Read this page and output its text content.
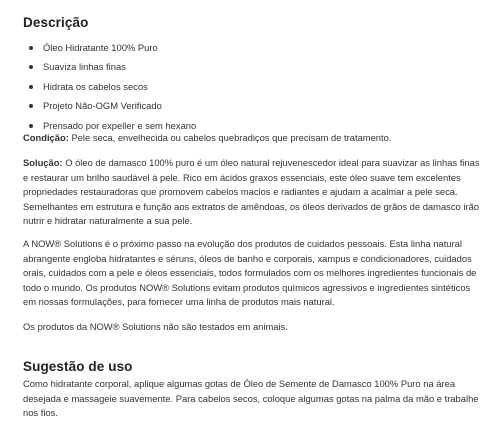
Descrição
Óleo Hidratante 100% Puro
Suaviza linhas finas
Hidrata os cabelos secos
Projeto Não-OGM Verificado
Prensado por expeller e sem hexano

Condição: Pele seca, envelhecida ou cabelos quebradiços que precisam de tratamento.

Solução: O óleo de damasco 100% puro é um óleo natural rejuvenescedor ideal para suavizar as linhas finas e restaurar um brilho saudável à pele. Rico em ácidos graxos essenciais, este óleo suave tem excelentes propriedades restauradoras que promovem cabelos macios e radiantes e ajudam a acalmar a pele seca. Semelhantes em estrutura e função aos extratos de amêndoas, os óleos derivados de grãos de damasco irão nutrir e hidratar naturalmente a sua pele.

A NOW® Solutions é o próximo passo na evolução dos produtos de cuidados pessoais. Esta linha natural abrangente engloba hidratantes e séruns, óleos de banho e corporais, xampus e condicionadores, cuidados orais, cuidados com a pele e óleos essenciais, todos formulados com os melhores ingredientes funcionais de todo o mundo. Os produtos NOW® Solutions evitam produtos químicos agressivos e ingredientes sintéticos em nossas formulações, para fornecer uma linha de produtos mais natural.

Os produtos da NOW® Solutions não são testados em animais.

Sugestão de uso

Como hidratante corporal, aplique algumas gotas de Óleo de Semente de Damasco 100% Puro na área desejada e massageie suavemente. Para cabelos secos, coloque algumas gotas na palma da mão e trabalhe nos fios.
